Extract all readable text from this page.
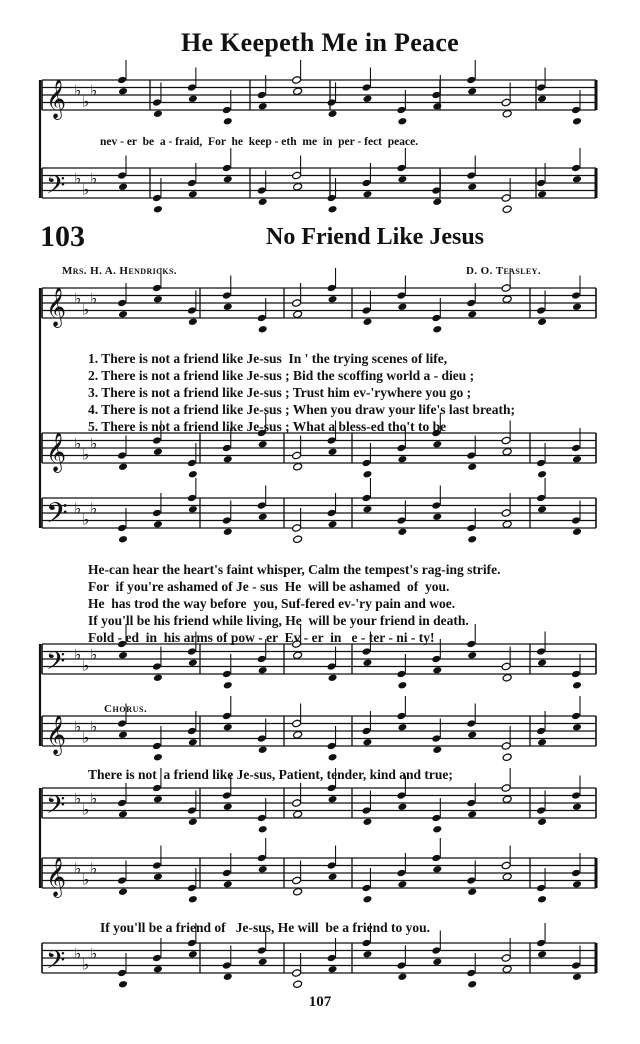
𝄞 ♭
♭
♭
𝄢 ♭
♭
♭
𝄞 ♭
♭
♭
𝄞 ♭
♭
♭
𝄢 ♭
♭
♭
𝄢 ♭
♭
♭
𝄞 ♭
♭
♭
𝄢 ♭
♭
♭
𝄞 ♭
♭
♭
𝄢 ♭
♭
♭
He Keepeth Me in Peace
nev - er  be  a - fraid,  For  he  keep - eth  me  in  per - fect  peace.
103	No Friend Like Jesus
Mrs. H. A. Hendricks.	D. O. Teasley.
1. There is not a friend like Je-sus  In ' the trying scenes of life,
2. There is not a friend like Je-sus ; Bid the scoffing world a - dieu ;
3. There is not a friend like Je-sus ; Trust him ev-'rywhere you go ;
4. There is not a friend like Je-sus ; When you draw your life's last breath;
5. There is not a friend like Je-sus ; What a bless-ed tho't to be
He-can hear the heart's faint whisper, Calm the tempest's rag-ing strife.
For  if you're ashamed of Je - sus  He  will be ashamed  of  you.
He  has trod the way before  you, Suf-fered ev-'ry pain and woe.
If you'll be his friend while living, He  will be your friend in death.
Fold - ed  in  his arms of pow - er  Ev - er  in   e - ter - ni - ty!
Chorus.
There is not  a friend like Je-sus, Patient, tender, kind and true;
If you'll be a friend of   Je-sus, He will  be a friend to you.
107
